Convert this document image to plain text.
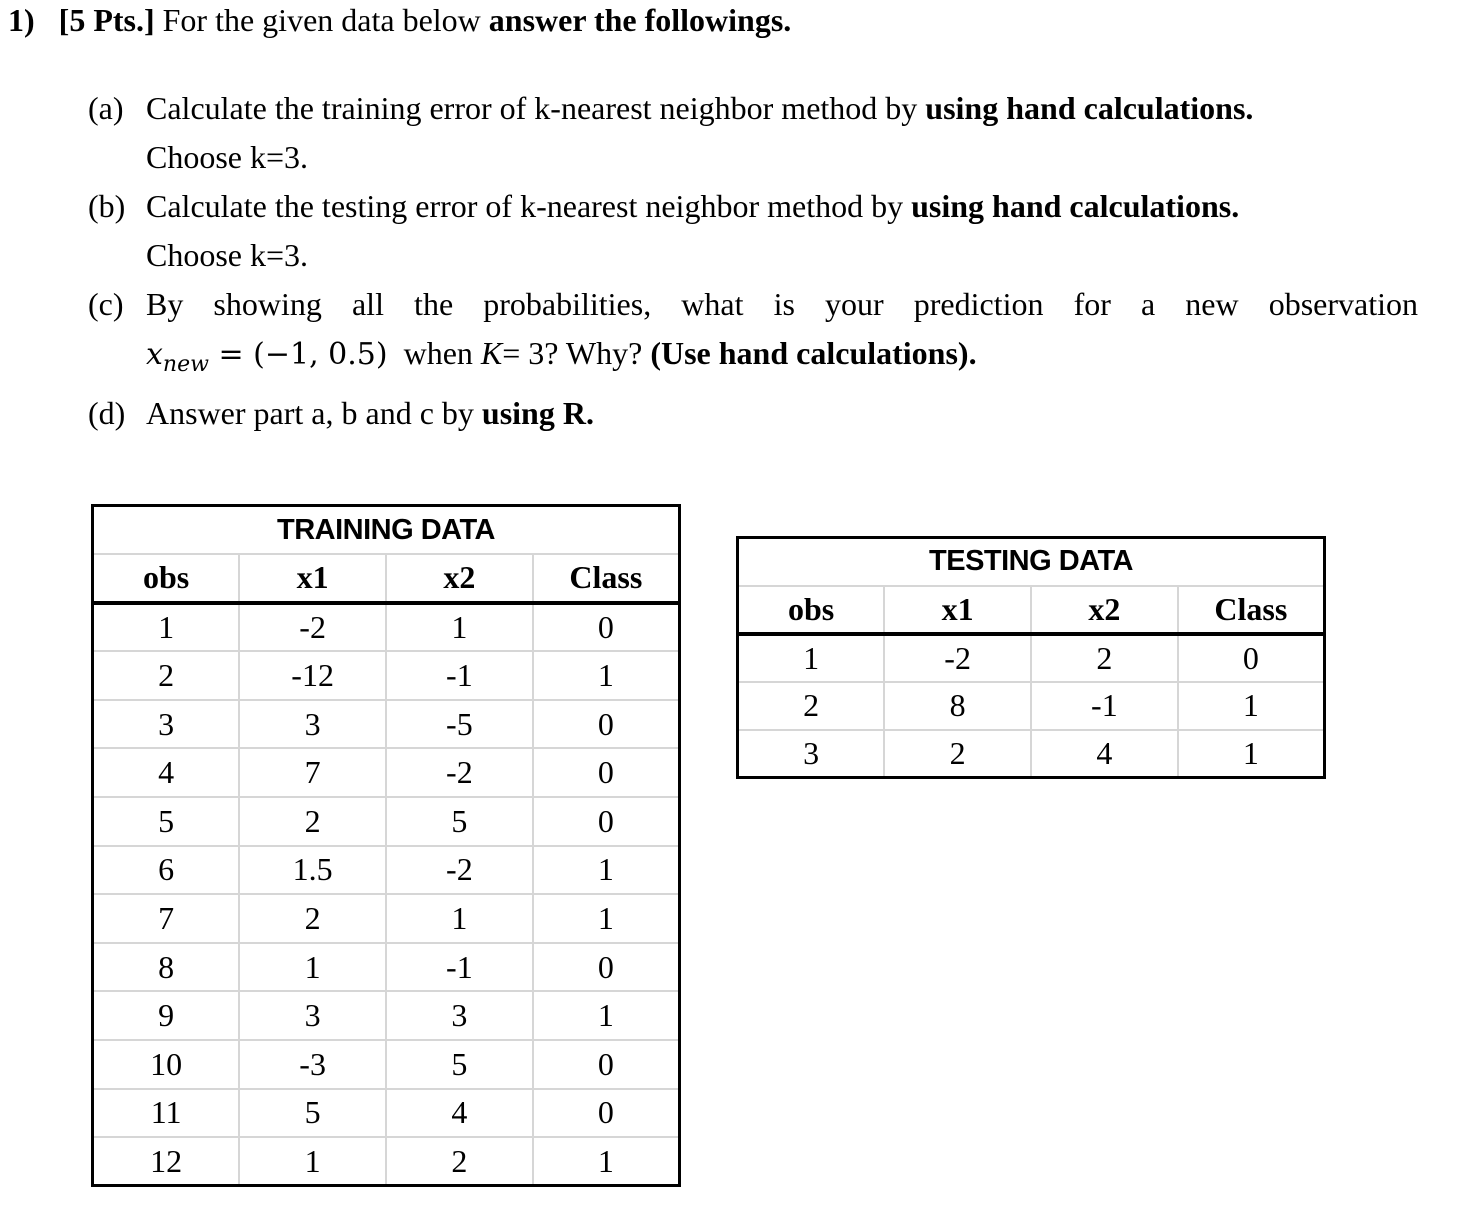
1) [5 Pts.] For the given data below answer the followings.
(a) Calculate the training error of k-nearest neighbor method by using hand calculations.
Choose k=3.
(b) Calculate the testing error of k-nearest neighbor method by using hand calculations.
Choose k=3.
(c) By showing all the probabilities, what is your prediction for a new observation
$x_{new} = (-1$, 0.5) when K= 3? Why? (Use hand calculations).
(d) Answer part a, b and c by using R.
TRAINING DATA			
obs	x1	x2	Class
1	-2	1	0
2	-12	-1	1
3	3	-5	0
4	7	-2	0
5	2	5	0
6	1.5	-2	1
7	2	1	1
8	1	-1	0
9	3	3	1
10	-3	5	0
11	5	4	0
12	1	2	1
TESTING DATA			
obs	x1	x2	Class
1	-2	2	0
2	8	-1	1
3	2	4	1
